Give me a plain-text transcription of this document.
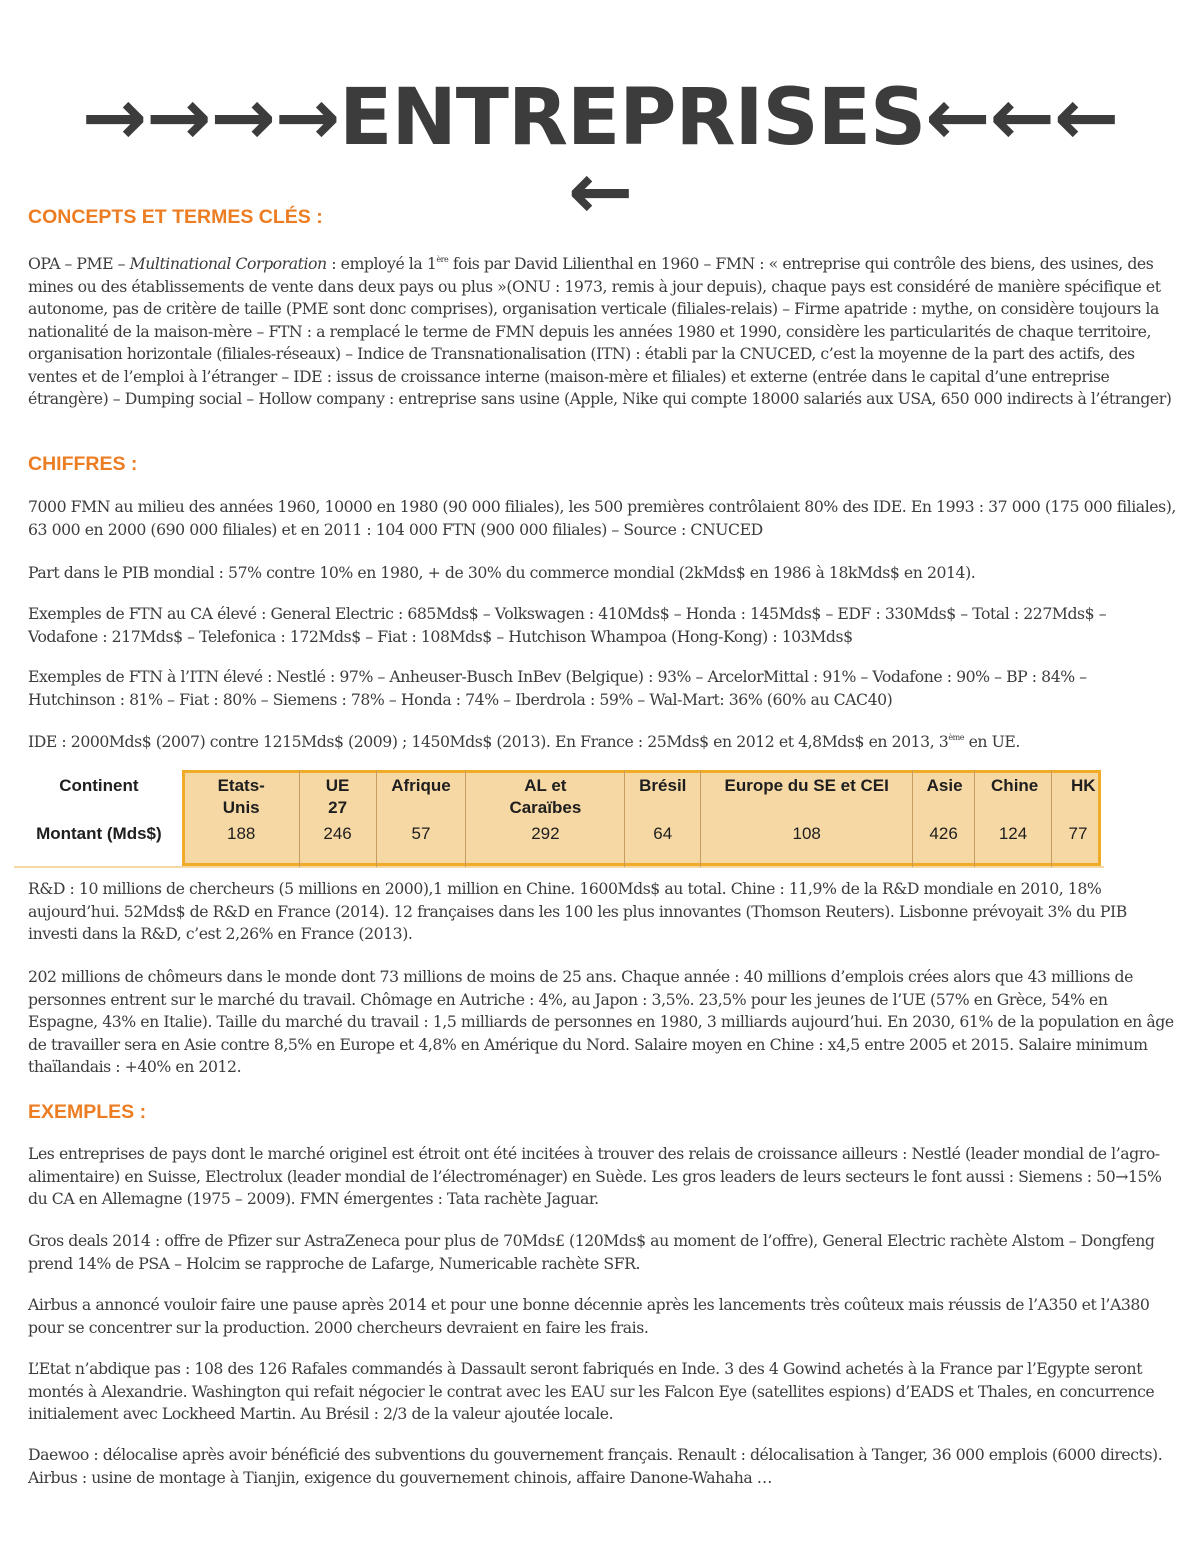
→→→→ENTREPRISES←←←
←
CONCEPTS ET TERMES CLÉS :

OPA – PME – Multinational Corporation : employé la 1ère fois par David Lilienthal en 1960 – FMN : « entreprise qui contrôle des biens, des usines, des mines ou des établissements de vente dans deux pays ou plus »(ONU : 1973, remis à jour depuis), chaque pays est considéré de manière spécifique et autonome, pas de critère de taille (PME sont donc comprises), organisation verticale (filiales-relais) – Firme apatride : mythe, on considère toujours la nationalité de la maison-mère – FTN : a remplacé le terme de FMN depuis les années 1980 et 1990, considère les particularités de chaque territoire, organisation horizontale (filiales-réseaux) – Indice de Transnationalisation (ITN) : établi par la CNUCED, c’est la moyenne de la part des actifs, des ventes et de l’emploi à l’étranger – IDE : issus de croissance interne (maison-mère et filiales) et externe (entrée dans le capital d’une entreprise étrangère) – Dumping social – Hollow company : entreprise sans usine (Apple, Nike qui compte 18000 salariés aux USA, 650 000 indirects à l’étranger)

CHIFFRES :

7000 FMN au milieu des années 1960, 10000 en 1980 (90 000 filiales), les 500 premières contrôlaient 80% des IDE. En 1993 : 37 000 (175 000 filiales), 63 000 en 2000 (690 000 filiales) et en 2011 : 104 000 FTN (900 000 filiales) – Source : CNUCED

Part dans le PIB mondial : 57% contre 10% en 1980, + de 30% du commerce mondial (2kMds$ en 1986 à 18kMds$ en 2014).

Exemples de FTN au CA élevé : General Electric : 685Mds$ – Volkswagen : 410Mds$ – Honda : 145Mds$ – EDF : 330Mds$ – Total : 227Mds$ – Vodafone : 217Mds$ – Telefonica : 172Mds$ – Fiat : 108Mds$ – Hutchison Whampoa (Hong-Kong) : 103Mds$

Exemples de FTN à l’ITN élevé : Nestlé : 97% – Anheuser-Busch InBev (Belgique) : 93% – ArcelorMittal : 91% – Vodafone : 90% – BP : 84% – Hutchinson : 81% – Fiat : 80% – Siemens : 78% – Honda : 74% – Iberdrola : 59% – Wal-Mart: 36% (60% au CAC40)

IDE : 2000Mds$ (2007) contre 1215Mds$ (2009) ; 1450Mds$ (2013). En France : 25Mds$ en 2012 et 4,8Mds$ en 2013, 3ème en UE.

Continent	Etats-Unis	UE 27	Afrique	AL et Caraïbes	Brésil	Europe du SE et CEI	Asie	Chine	HK

Montant (Mds$)	188	246	57	292	64	108	426	124	77

R&D : 10 millions de chercheurs (5 millions en 2000),1 million en Chine. 1600Mds$ au total. Chine : 11,9% de la R&D mondiale en 2010, 18% aujourd’hui. 52Mds$ de R&D en France (2014). 12 françaises dans les 100 les plus innovantes (Thomson Reuters). Lisbonne prévoyait 3% du PIB investi dans la R&D, c’est 2,26% en France (2013).

202 millions de chômeurs dans le monde dont 73 millions de moins de 25 ans. Chaque année : 40 millions d’emplois crées alors que 43 millions de personnes entrent sur le marché du travail. Chômage en Autriche : 4%, au Japon : 3,5%. 23,5% pour les jeunes de l’UE (57% en Grèce, 54% en Espagne, 43% en Italie). Taille du marché du travail : 1,5 milliards de personnes en 1980, 3 milliards aujourd’hui. En 2030, 61% de la population en âge de travailler sera en Asie contre 8,5% en Europe et 4,8% en Amérique du Nord. Salaire moyen en Chine : x4,5 entre 2005 et 2015. Salaire minimum thaïlandais : +40% en 2012.

EXEMPLES :

Les entreprises de pays dont le marché originel est étroit ont été incitées à trouver des relais de croissance ailleurs : Nestlé (leader mondial de l’agro-alimentaire) en Suisse, Electrolux (leader mondial de l’électroménager) en Suède. Les gros leaders de leurs secteurs le font aussi : Siemens : 50→15% du CA en Allemagne (1975 – 2009). FMN émergentes : Tata rachète Jaguar.

Gros deals 2014 : offre de Pfizer sur AstraZeneca pour plus de 70Mds£ (120Mds$ au moment de l’offre), General Electric rachète Alstom – Dongfeng prend 14% de PSA – Holcim se rapproche de Lafarge, Numericable rachète SFR.

Airbus a annoncé vouloir faire une pause après 2014 et pour une bonne décennie après les lancements très coûteux mais réussis de l’A350 et l’A380 pour se concentrer sur la production. 2000 chercheurs devraient en faire les frais.

L’Etat n’abdique pas : 108 des 126 Rafales commandés à Dassault seront fabriqués en Inde. 3 des 4 Gowind achetés à la France par l’Egypte seront montés à Alexandrie. Washington qui refait négocier le contrat avec les EAU sur les Falcon Eye (satellites espions) d’EADS et Thales, en concurrence initialement avec Lockheed Martin. Au Brésil : 2/3 de la valeur ajoutée locale.

Daewoo : délocalise après avoir bénéficié des subventions du gouvernement français. Renault : délocalisation à Tanger, 36 000 emplois (6000 directs). Airbus : usine de montage à Tianjin, exigence du gouvernement chinois, affaire Danone-Wahaha …
